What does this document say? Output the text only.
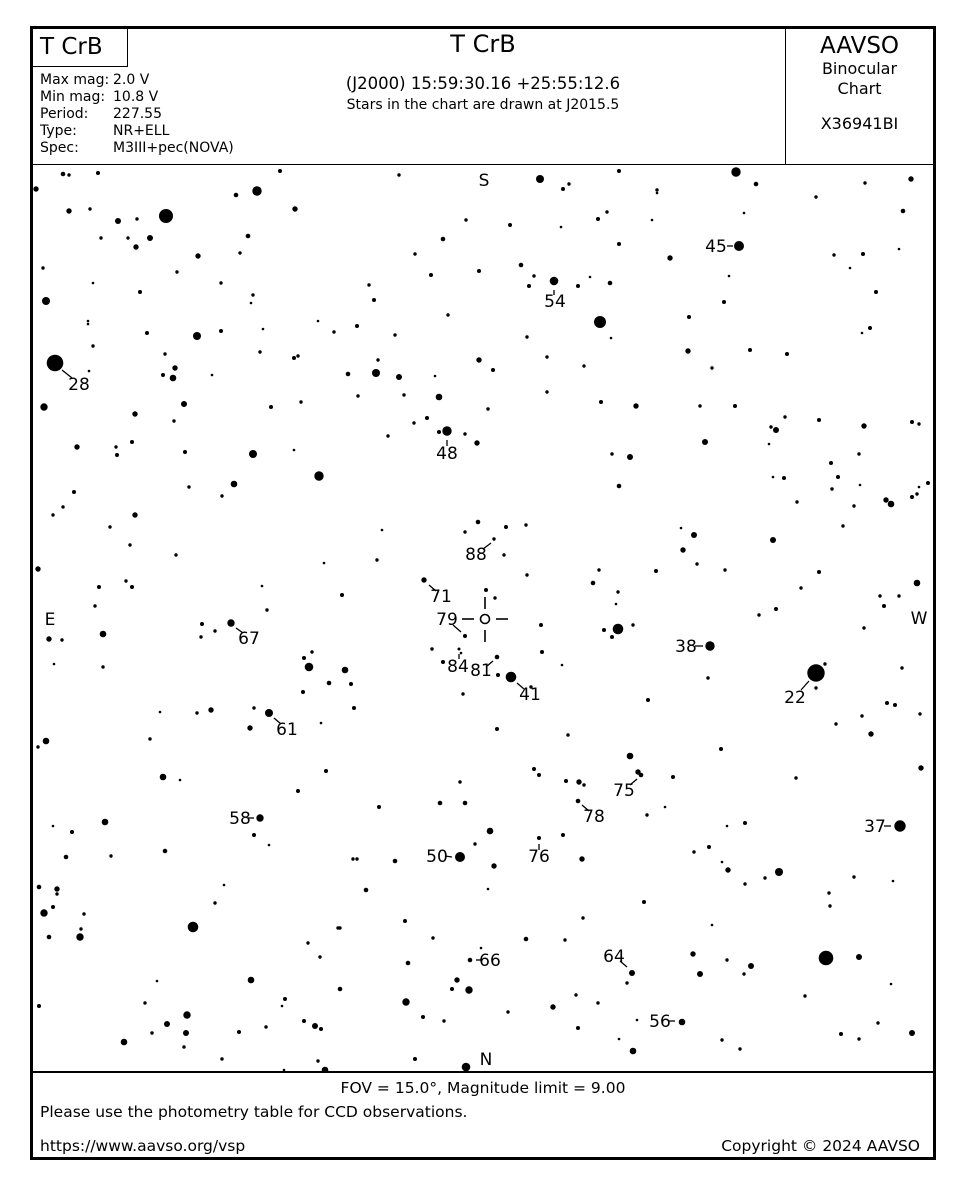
T CrB
Max mag: 2.0 V
Min mag: 10.8 V
Period: 227.55
Type:	NR+ELL
Spec: M3III+pec(NOVA)
T CrB
(J2000) 15:59:30.16 +25:55:12.6
Stars in the chart are drawn at J2015.5
AAVSO
Binocular
Chart
X36941BI
28
45
54
48
88
71
79
84 81
41
67
61
38
22
75
78
58
76
50
66	64
56
37
S
E	W
N
FOV = 15.0°, Magnitude limit = 9.00
Please use the photometry table for CCD observations.
https://www.aavso.org/vsp	Copyright © 2024 AAVSO
